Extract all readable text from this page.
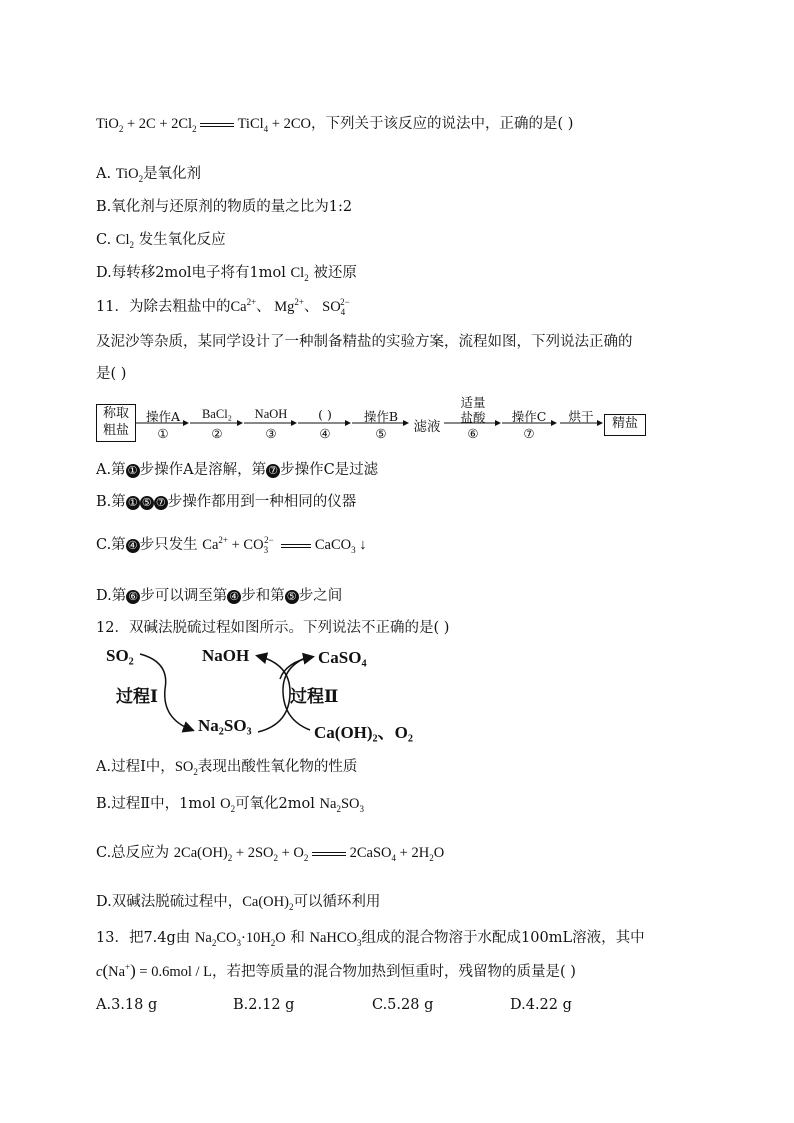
$TiO_2 + 2C + 2Cl_2$	TiCl$_4$ + 2CO，下列关于该反应的说法中，正确的是( )
A. TiO$_2$是氧化剂
B.氧化剂与还原剂的物质的量之比为1:2
C. $Cl_2$ 发生氧化反应
D.每转移2mol电子将有1mol $Cl_2$ 被还原
11．为除去粗盐中的$Ca^{2+}$、 $Mg^{2+}$、 $SO_4^{2-}$
及泥沙等杂质，某同学设计了一种制备精盐的实验方案，流程如图，下列说法正确的
是( )
称取粗盐
操作A
①
BaCl₂
②
NaOH
③
( )
④
操作B
⑤	滤液
适量
盐酸
⑥
操作C
⑦
烘干	精盐
A.第 ① 步操作A是溶解，第 ⑦ 步操作C是过滤
B.第 ① ⑤ ⑦ 步操作都用到一种相同的仪器
C.第 ④ 步只发生 $Ca^{2+} + CO_3^{2-}$	CaCO$_3$ ↓
D.第 ⑥ 步可以调至第 ④ 步和第 ⑤ 步之间
12．双碱法脱硫过程如图所示。下列说法不正确的是( )
SO₂	NaOH	CaSO₄
过程Ⅰ	过程Ⅱ
Na₂SO₃	Ca(OH)₂、O₂
A.过程Ⅰ中，$SO_2$表现出酸性氧化物的性质
B.过程Ⅱ中，1mol $O_2$可氧化2mol $Na_2SO_3$
C.总反应为 $2Ca(OH)_2 + 2SO_2 + O_2$	2CaSO$_4$ + $2H_2O$
D.双碱法脱硫过程中，$Ca(OH)_2$可以循环利用
13．把7.4g由 $Na_2CO_3\cdot 10H_2O$ 和 NaHCO$_3$组成的混合物溶于水配成100mL溶液，其中
c(Na+) = 0.6mol / L，若把等质量的混合物加热到恒重时，残留物的质量是( )
A.3.18 g	B.2.12 g	C.5.28 g	D.4.22 g
